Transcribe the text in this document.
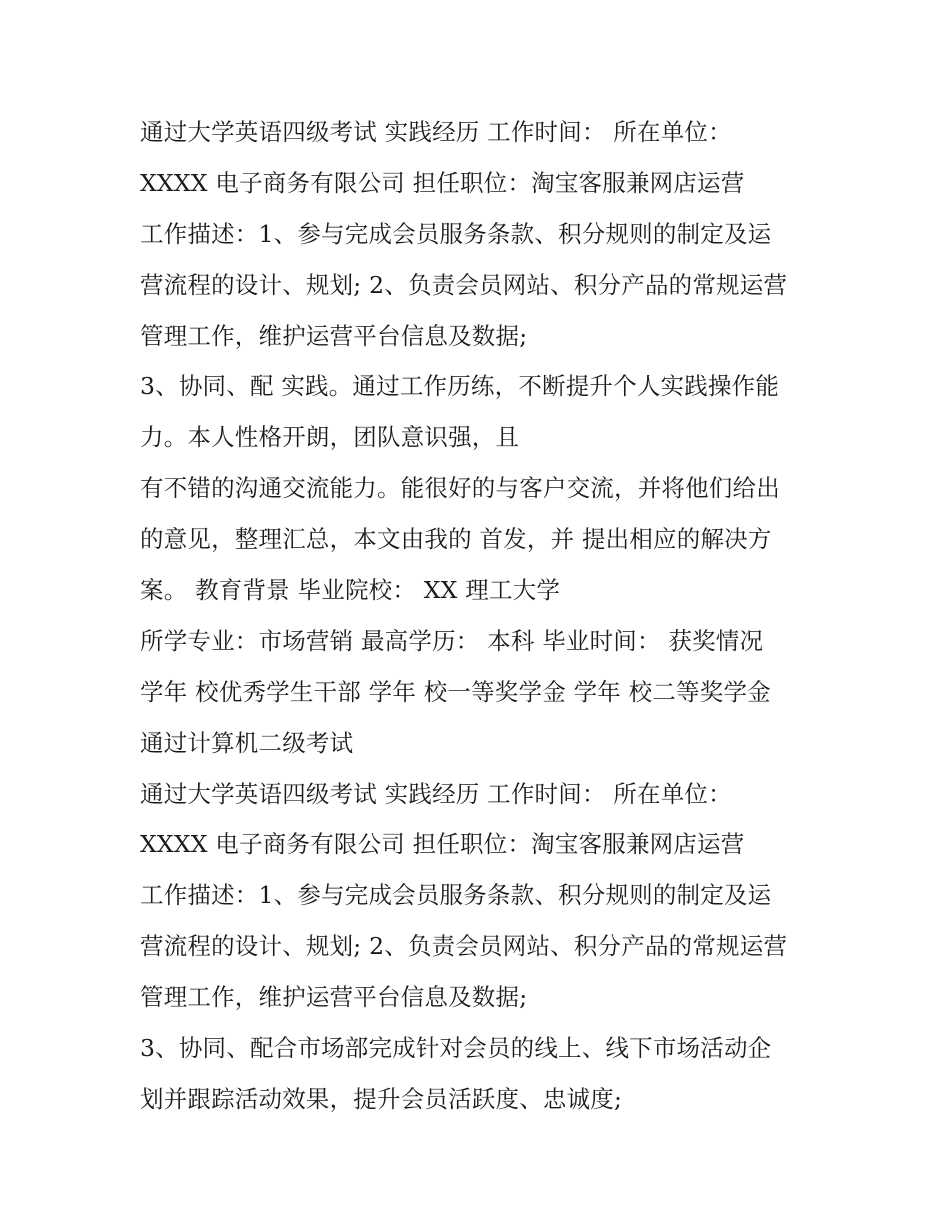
通过大学英语四级考试 实践经历 工作时间： 所在单位：
XXXX 电子商务有限公司 担任职位：淘宝客服兼网店运营
工作描述：1、参与完成会员服务条款、积分规则的制定及运
营流程的设计、规划; 2、负责会员网站、积分产品的常规运营
管理工作，维护运营平台信息及数据;
3、协同、配 实践。通过工作历练，不断提升个人实践操作能
力。本人性格开朗，团队意识强，且
有不错的沟通交流能力。能很好的与客户交流，并将他们给出
的意见，整理汇总，本文由我的 首发，并 提出相应的解决方
案。 教育背景 毕业院校： XX 理工大学
所学专业：市场营销 最高学历： 本科 毕业时间： 获奖情况
学年 校优秀学生干部 学年 校一等奖学金 学年 校二等奖学金
通过计算机二级考试
通过大学英语四级考试 实践经历 工作时间： 所在单位：
XXXX 电子商务有限公司 担任职位：淘宝客服兼网店运营
工作描述：1、参与完成会员服务条款、积分规则的制定及运
营流程的设计、规划; 2、负责会员网站、积分产品的常规运营
管理工作，维护运营平台信息及数据;
3、协同、配合市场部完成针对会员的线上、线下市场活动企
划并跟踪活动效果，提升会员活跃度、忠诚度;
